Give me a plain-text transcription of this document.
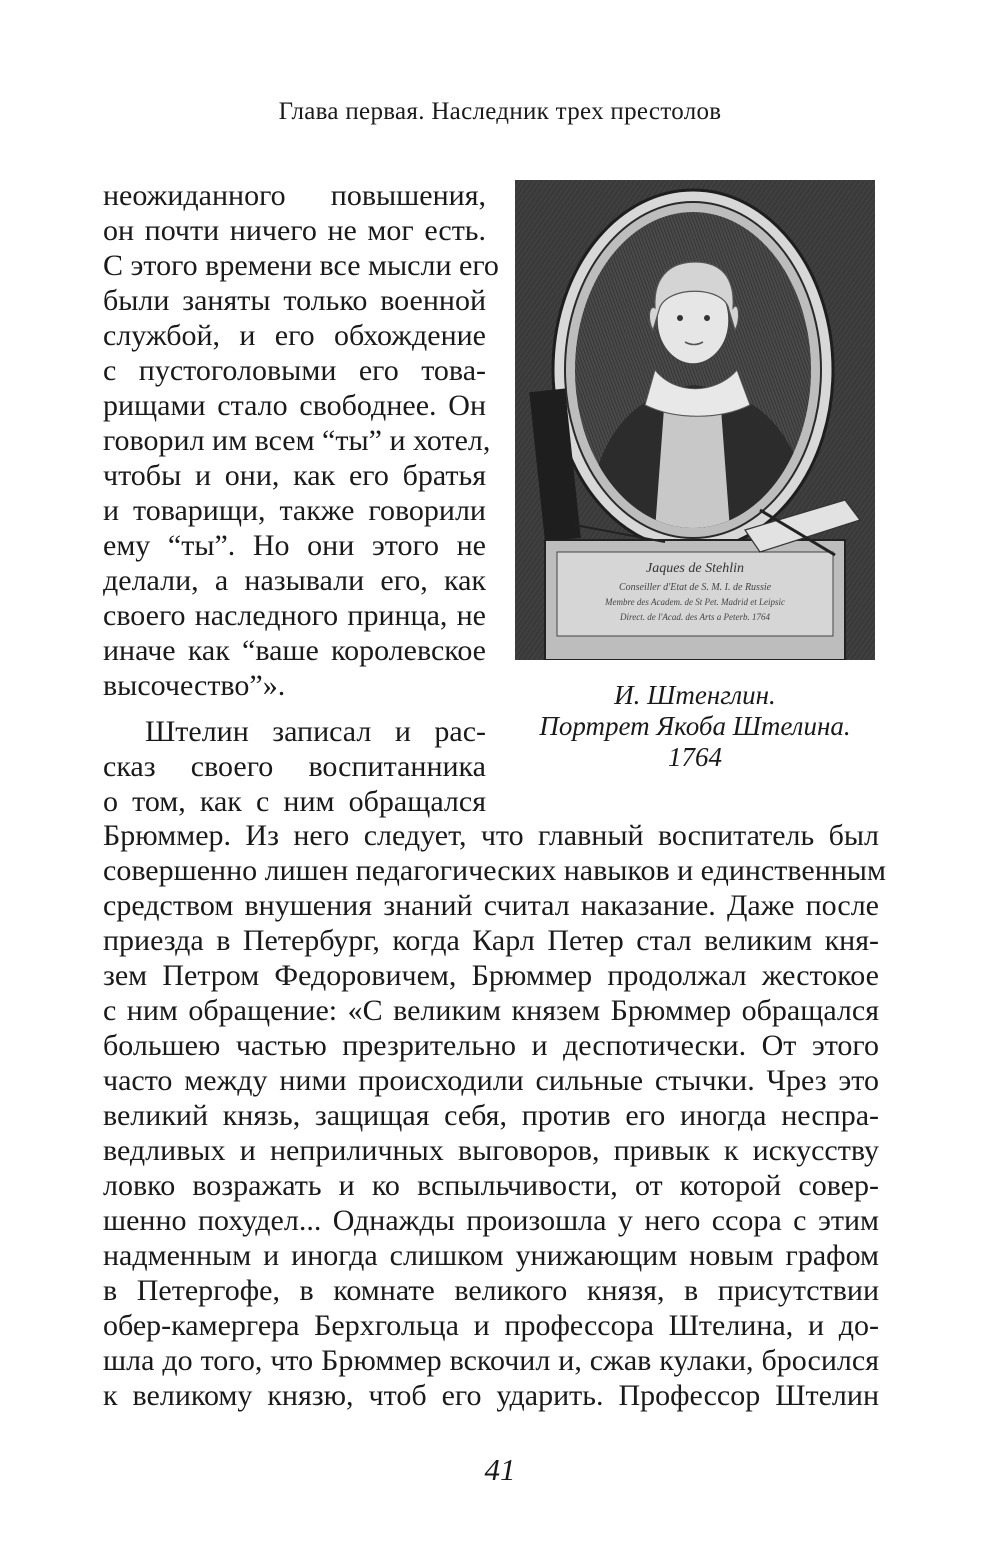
Глава первая. Наследник трех престолов
неожиданного повышения,
он почти ничего не мог есть.
С этого времени все мысли его
были заняты только военной
службой, и его обхождение
с пустоголовыми его това-
рищами стало свободнее. Он
говорил им всем “ты” и хотел,
чтобы и они, как его братья
и товарищи, также говорили
ему “ты”. Но они этого не
делали, а называли его, как
своего наследного принца, не
иначе как “ваше королевское
высочество”».
Штелин записал и рас-
сказ своего воспитанника
о том, как с ним обращался
Брюммер. Из него следует, что главный воспитатель был
совершенно лишен педагогических навыков и единственным
средством внушения знаний считал наказание. Даже после
приезда в Петербург, когда Карл Петер стал великим кня-
зем Петром Федоровичем, Брюммер продолжал жестокое
с ним обращение: «С великим князем Брюммер обращался
большею частью презрительно и деспотически. От этого
часто между ними происходили сильные стычки. Чрез это
великий князь, защищая себя, против его иногда неспра-
ведливых и неприличных выговоров, привык к искусству
ловко возражать и ко вспыльчивости, от которой совер-
шенно похудел... Однажды произошла у него ссора с этим
надменным и иногда слишком унижающим новым графом
в Петергофе, в комнате великого князя, в присутствии
обер-камергера Берхгольца и профессора Штелина, и до-
шла до того, что Брюммер вскочил и, сжав кулаки, бросился
к великому князю, чтоб его ударить. Профессор Штелин
Jaques de Stehlin
Conseiller d'Etat de S. M. I. de Russie
Membre des Academ. de St Pet. Madrid et Leipsic
Direct. de l'Acad. des Arts a Peterb. 1764
И. Штенглин.
Портрет Якоба Штелина.
1764
41
